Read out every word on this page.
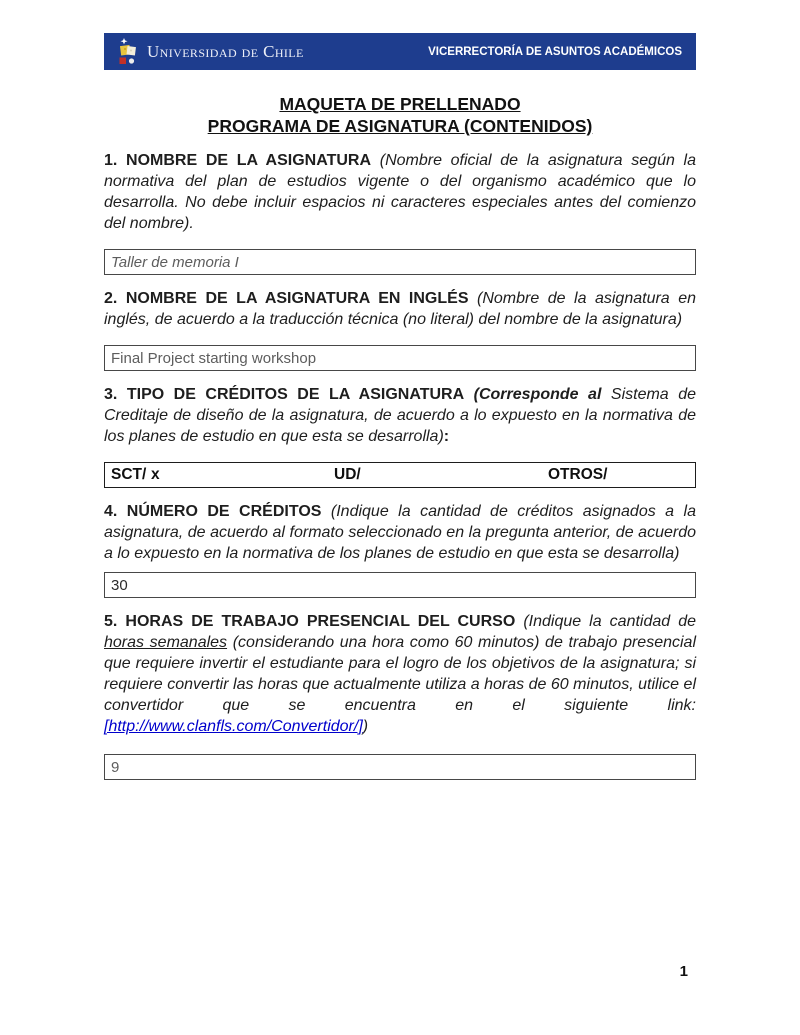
Universidad de Chile	VICERRECTORÍA DE ASUNTOS ACADÉMICOS
MAQUETA DE PRELLENADO
PROGRAMA DE ASIGNATURA (CONTENIDOS)

1. NOMBRE DE LA ASIGNATURA (Nombre oficial de la asignatura según la normativa del plan de estudios vigente o del organismo académico que lo desarrolla. No debe incluir espacios ni caracteres especiales antes del comienzo del nombre).

Taller de memoria I

2. NOMBRE DE LA ASIGNATURA EN INGLÉS (Nombre de la asignatura en inglés, de acuerdo a la traducción técnica (no literal) del nombre de la asignatura)

Final Project starting workshop

3. TIPO DE CRÉDITOS DE LA ASIGNATURA (Corresponde al Sistema de Creditaje de diseño de la asignatura, de acuerdo a lo expuesto en la normativa de los planes de estudio en que esta se desarrolla):

SCT/ x	UD/	OTROS/

4. NÚMERO DE CRÉDITOS (Indique la cantidad de créditos asignados a la asignatura, de acuerdo al formato seleccionado en la pregunta anterior, de acuerdo a lo expuesto en la normativa de los planes de estudio en que esta se desarrolla)

30

5. HORAS DE TRABAJO PRESENCIAL DEL CURSO (Indique la cantidad de horas semanales (considerando una hora como 60 minutos) de trabajo presencial que requiere invertir el estudiante para el logro de los objetivos de la asignatura; si requiere convertir las horas que actualmente utiliza a horas de 60 minutos, utilice el convertidor que se encuentra en el siguiente link: [http://www.clanfls.com/Convertidor/])

9
1
